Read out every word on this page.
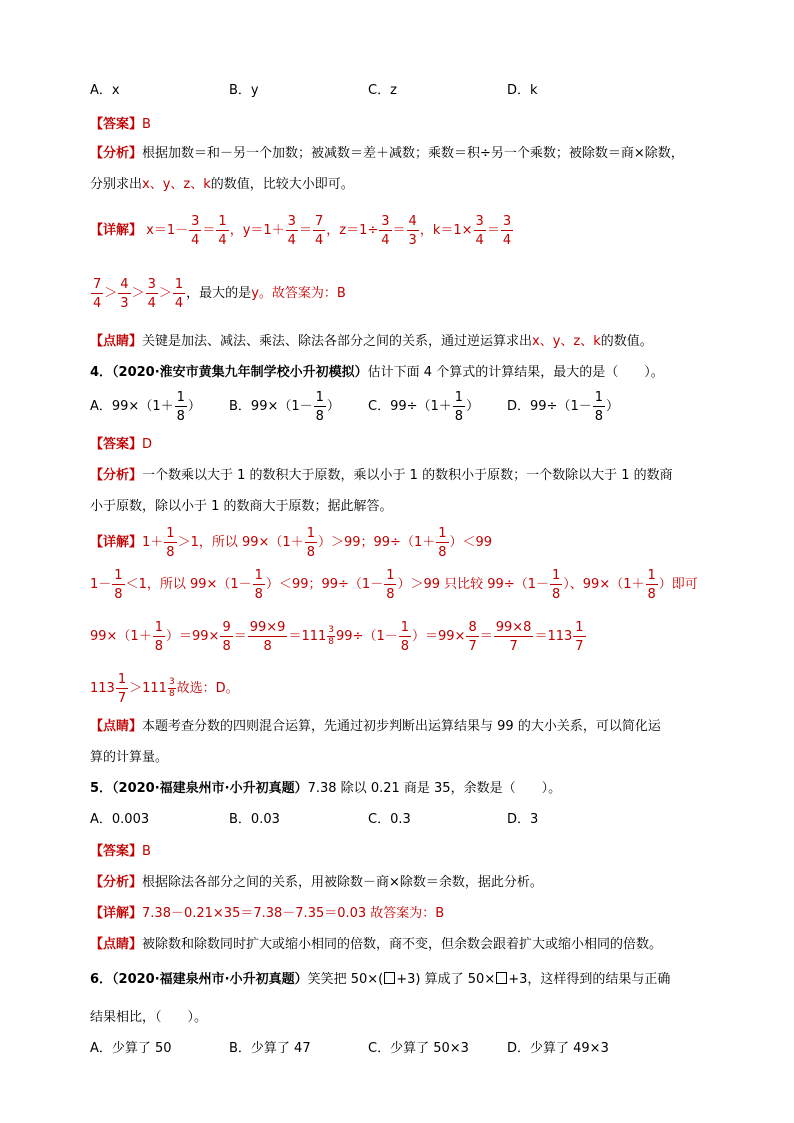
A．x	B．y	C．z	D．k
【答案】B
【分析】根据加数＝和－另一个加数；被减数＝差＋减数；乘数＝积÷另一个乘数；被除数＝商×除数，
分别求出x、y、z、k的数值，比较大小即可。
【详解】 $x=1- \frac{3}{4} = \frac{1}{4}$ ，$y=1+ \frac{3}{4} = \frac{7}{4}$ ，$z=1\div \frac{3}{4} = \frac{4}{3}$ ，$k=1\times \frac{3}{4} = \frac{3}{4}$
$\frac{7}{4} > \frac{4}{3} > \frac{3}{4} > \frac{1}{4}$ ，最大的是y。故答案为：B
【点睛】关键是加法、减法、乘法、除法各部分之间的关系，通过逆运算求出x、y、z、k的数值。
4．（2020·淮安市黄集九年制学校小升初模拟）估计下面 4 个算式的计算结果，最大的是（　　）。
A．$99\times(1+ \frac{1}{8}$ ） B．$99\times(1- \frac{1}{8}$ ） C．$99\div(1+ \frac{1}{8}$ ） D．$99\div(1- \frac{1}{8}$ ）
【答案】D
【分析】一个数乘以大于 1 的数积大于原数，乘以小于 1 的数积小于原数；一个数除以大于 1 的数商
小于原数，除以小于 1 的数商大于原数；据此解答。
【详解】$1+ \frac{1}{8} >1$，所以 $99\times(1+ \frac{1}{8} )>99$；$99\div(1+ \frac{1}{8} )<99$
$1- \frac{1}{8} <1$，所以 $99\times(1- \frac{1}{8} )<99$；$99\div(1- \frac{1}{8} )>99$ 只比较 $99\div(1- \frac{1}{8}$ ）、$99\times(1+ \frac{1}{8}$ ）即可
$99\times(1+ \frac{1}{8} )=99\times \frac{9}{8} = \frac{99\times 9}{8} =111 \frac{3}{8} 99\div(1- \frac{1}{8} )=99\times \frac{8}{7} = \frac{99\times 8}{7} =113 \frac{1}{7}$
$113 \frac{1}{7} >111 \frac{3}{8}$ 故选：D。
【点睛】本题考查分数的四则混合运算，先通过初步判断出运算结果与 99 的大小关系，可以简化运
算的计算量。
5．（2020·福建泉州市·小升初真题）7.38 除以 0.21 商是 35，余数是（　　）。
A．0.003	B．0.03	C．0.3	D．3
【答案】B
【分析】根据除法各部分之间的关系，用被除数－商×除数＝余数，据此分析。
【详解】7.38－0.21×35＝7.38－7.35＝0.03 故答案为：B
【点睛】被除数和除数同时扩大或缩小相同的倍数，商不变，但余数会跟着扩大或缩小相同的倍数。
6．（2020·福建泉州市·小升初真题）笑笑把 50×( +3) 算成了 50× +3，这样得到的结果与正确
结果相比，（　　）。
A．少算了 50	B．少算了 47	C．少算了 50×3	D．少算了 49×3
